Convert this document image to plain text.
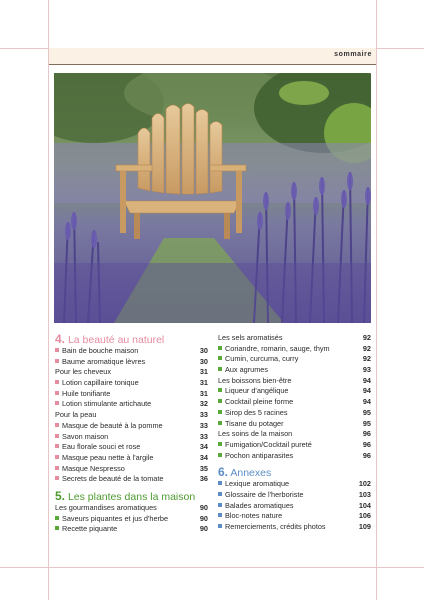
sommaire
4. La beauté au naturel
Bain de bouche maison	30
Baume aromatique lèvres	30
Pour les cheveux	31
Lotion capillaire tonique	31
Huile tonifiante	31
Lotion stimulante artichaute	32
Pour la peau	33
Masque de beauté à la pomme	33
Savon maison	33
Eau florale souci et rose	34
Masque peau nette à l'argile	34
Masque Nespresso	35
Secrets de beauté de la tomate	36
5. Les plantes dans la maison
Les gourmandises aromatiques	90
Saveurs piquantes et jus d'herbe	90
Recette piquante	90
Les sels aromatisés	92
Coriandre, romarin, sauge, thym	92
Cumin, curcuma, curry	92
Aux agrumes	93
Les boissons bien-être	94
Liqueur d'angélique	94
Cocktail pleine forme	94
Sirop des 5 racines	95
Tisane du potager	95
Les soins de la maison	96
Fumigation/Cocktail pureté	96
Pochon antiparasites	96
6. Annexes
Lexique aromatique	102
Glossaire de l'herboriste	103
Balades aromatiques	104
Bloc-notes nature	106
Remerciements, crédits photos	109
